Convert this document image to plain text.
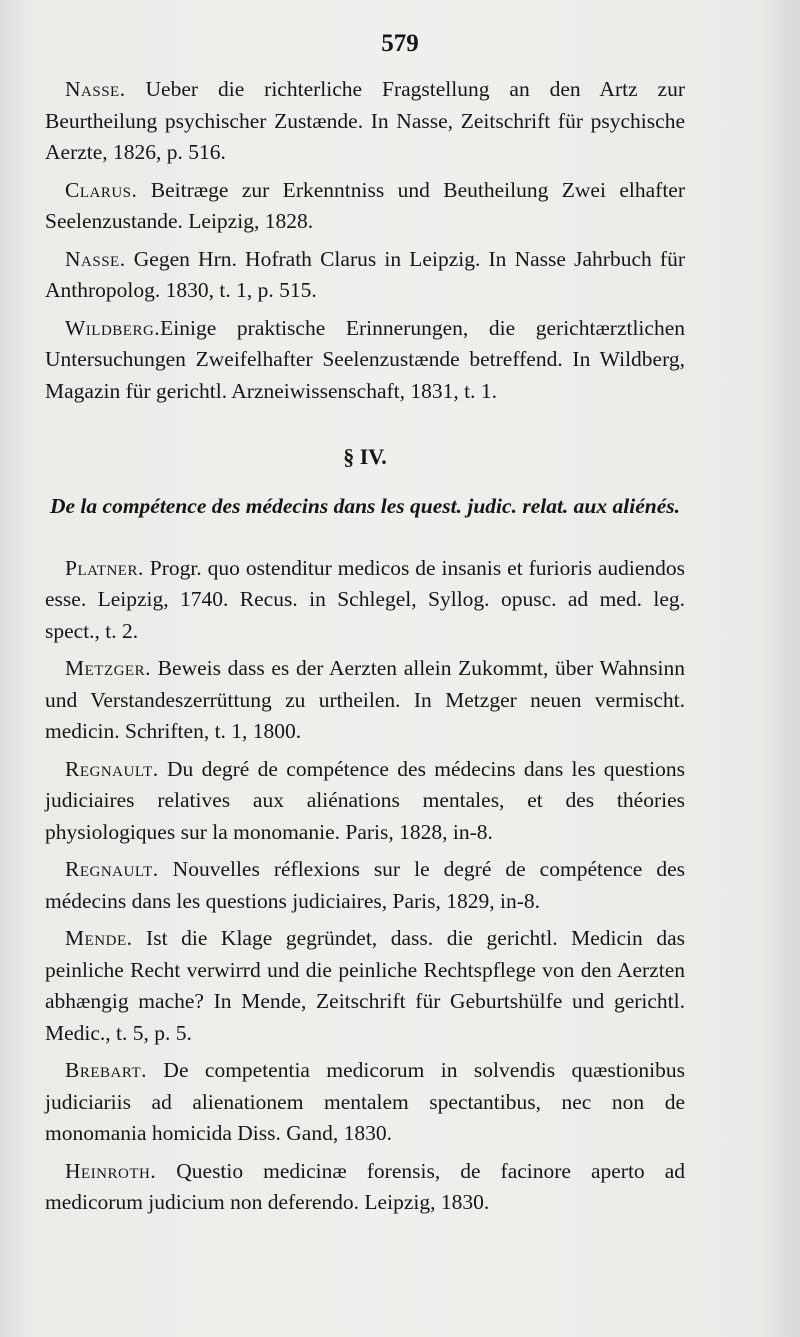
579

Nasse. Ueber die richterliche Fragstellung an den Artz zur Beurtheilung psychischer Zustænde. In Nasse, Zeitschrift für psychische Aerzte, 1826, p. 516.

Clarus. Beitræge zur Erkenntniss und Beutheilung Zwei elhafter Seelenzustande. Leipzig, 1828.

Nasse. Gegen Hrn. Hofrath Clarus in Leipzig. In Nasse Jahrbuch für Anthropolog. 1830, t. 1, p. 515.

Wildberg.Einige praktische Erinnerungen, die gerichtærztlichen Untersuchungen Zweifelhafter Seelenzustænde betreffend. In Wildberg, Magazin für gerichtl. Arzneiwissenschaft, 1831, t. 1.

§ IV.
De la compétence des médecins dans les quest. judic. relat. aux aliénés.

Platner. Progr. quo ostenditur medicos de insanis et furioris audiendos esse. Leipzig, 1740. Recus. in Schlegel, Syllog. opusc. ad med. leg. spect., t. 2.

Metzger. Beweis dass es der Aerzten allein Zukommt, über Wahnsinn und Verstandeszerrüttung zu urtheilen. In Metzger neuen vermischt. medicin. Schriften, t. 1, 1800.

Regnault. Du degré de compétence des médecins dans les questions judiciaires relatives aux aliénations mentales, et des théories physiologiques sur la monomanie. Paris, 1828, in-8.

Regnault. Nouvelles réflexions sur le degré de compétence des médecins dans les questions judiciaires, Paris, 1829, in-8.

Mende. Ist die Klage gegründet, dass. die gerichtl. Medicin das peinliche Recht verwirrd und die peinliche Rechtspflege von den Aerzten abhængig mache? In Mende, Zeitschrift für Geburtshülfe und gerichtl. Medic., t. 5, p. 5.

Brebart. De competentia medicorum in solvendis quæstionibus judiciariis ad alienationem mentalem spectantibus, nec non de monomania homicida Diss. Gand, 1830.

Heinroth. Questio medicinæ forensis, de facinore aperto ad medicorum judicium non deferendo. Leipzig, 1830.
